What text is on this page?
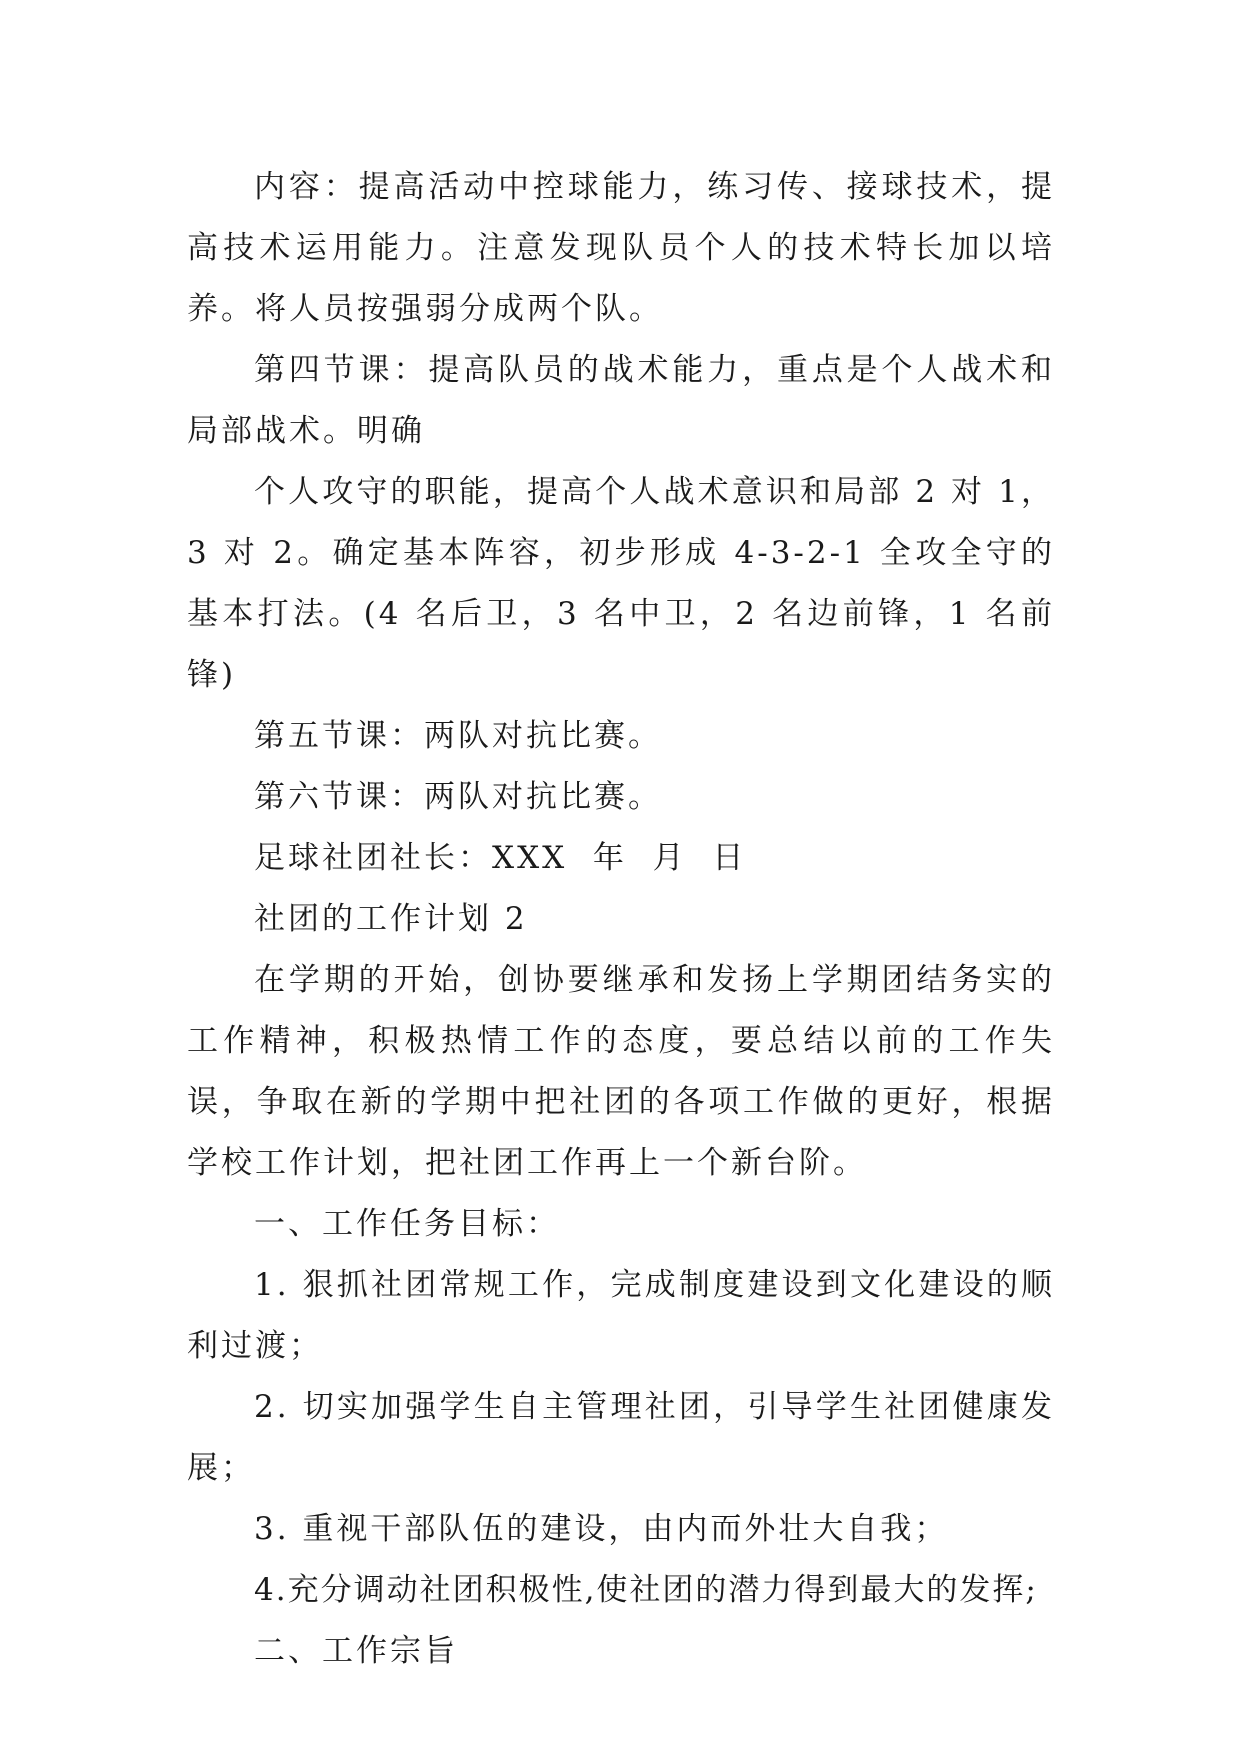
内容：提高活动中控球能力，练习传、接球技术，提高技术运用能力。注意发现队员个人的技术特长加以培养。将人员按强弱分成两个队。

第四节课：提高队员的战术能力，重点是个人战术和局部战术。明确

个人攻守的职能，提高个人战术意识和局部 2 对 1，3 对 2。确定基本阵容，初步形成 4-3-2-1 全攻全守的基本打法。(4 名后卫，3 名中卫，2 名边前锋，1 名前锋)

第五节课：两队对抗比赛。

第六节课：两队对抗比赛。

足球社团社长：XXX  年  月  日

社团的工作计划 2

在学期的开始，创协要继承和发扬上学期团结务实的工作精神，积极热情工作的态度，要总结以前的工作失误，争取在新的学期中把社团的各项工作做的更好，根据学校工作计划，把社团工作再上一个新台阶。

一、工作任务目标：

1. 狠抓社团常规工作，完成制度建设到文化建设的顺利过渡；

2. 切实加强学生自主管理社团，引导学生社团健康发展；

3. 重视干部队伍的建设，由内而外壮大自我；

4.充分调动社团积极性,使社团的潜力得到最大的发挥;

二、工作宗旨
